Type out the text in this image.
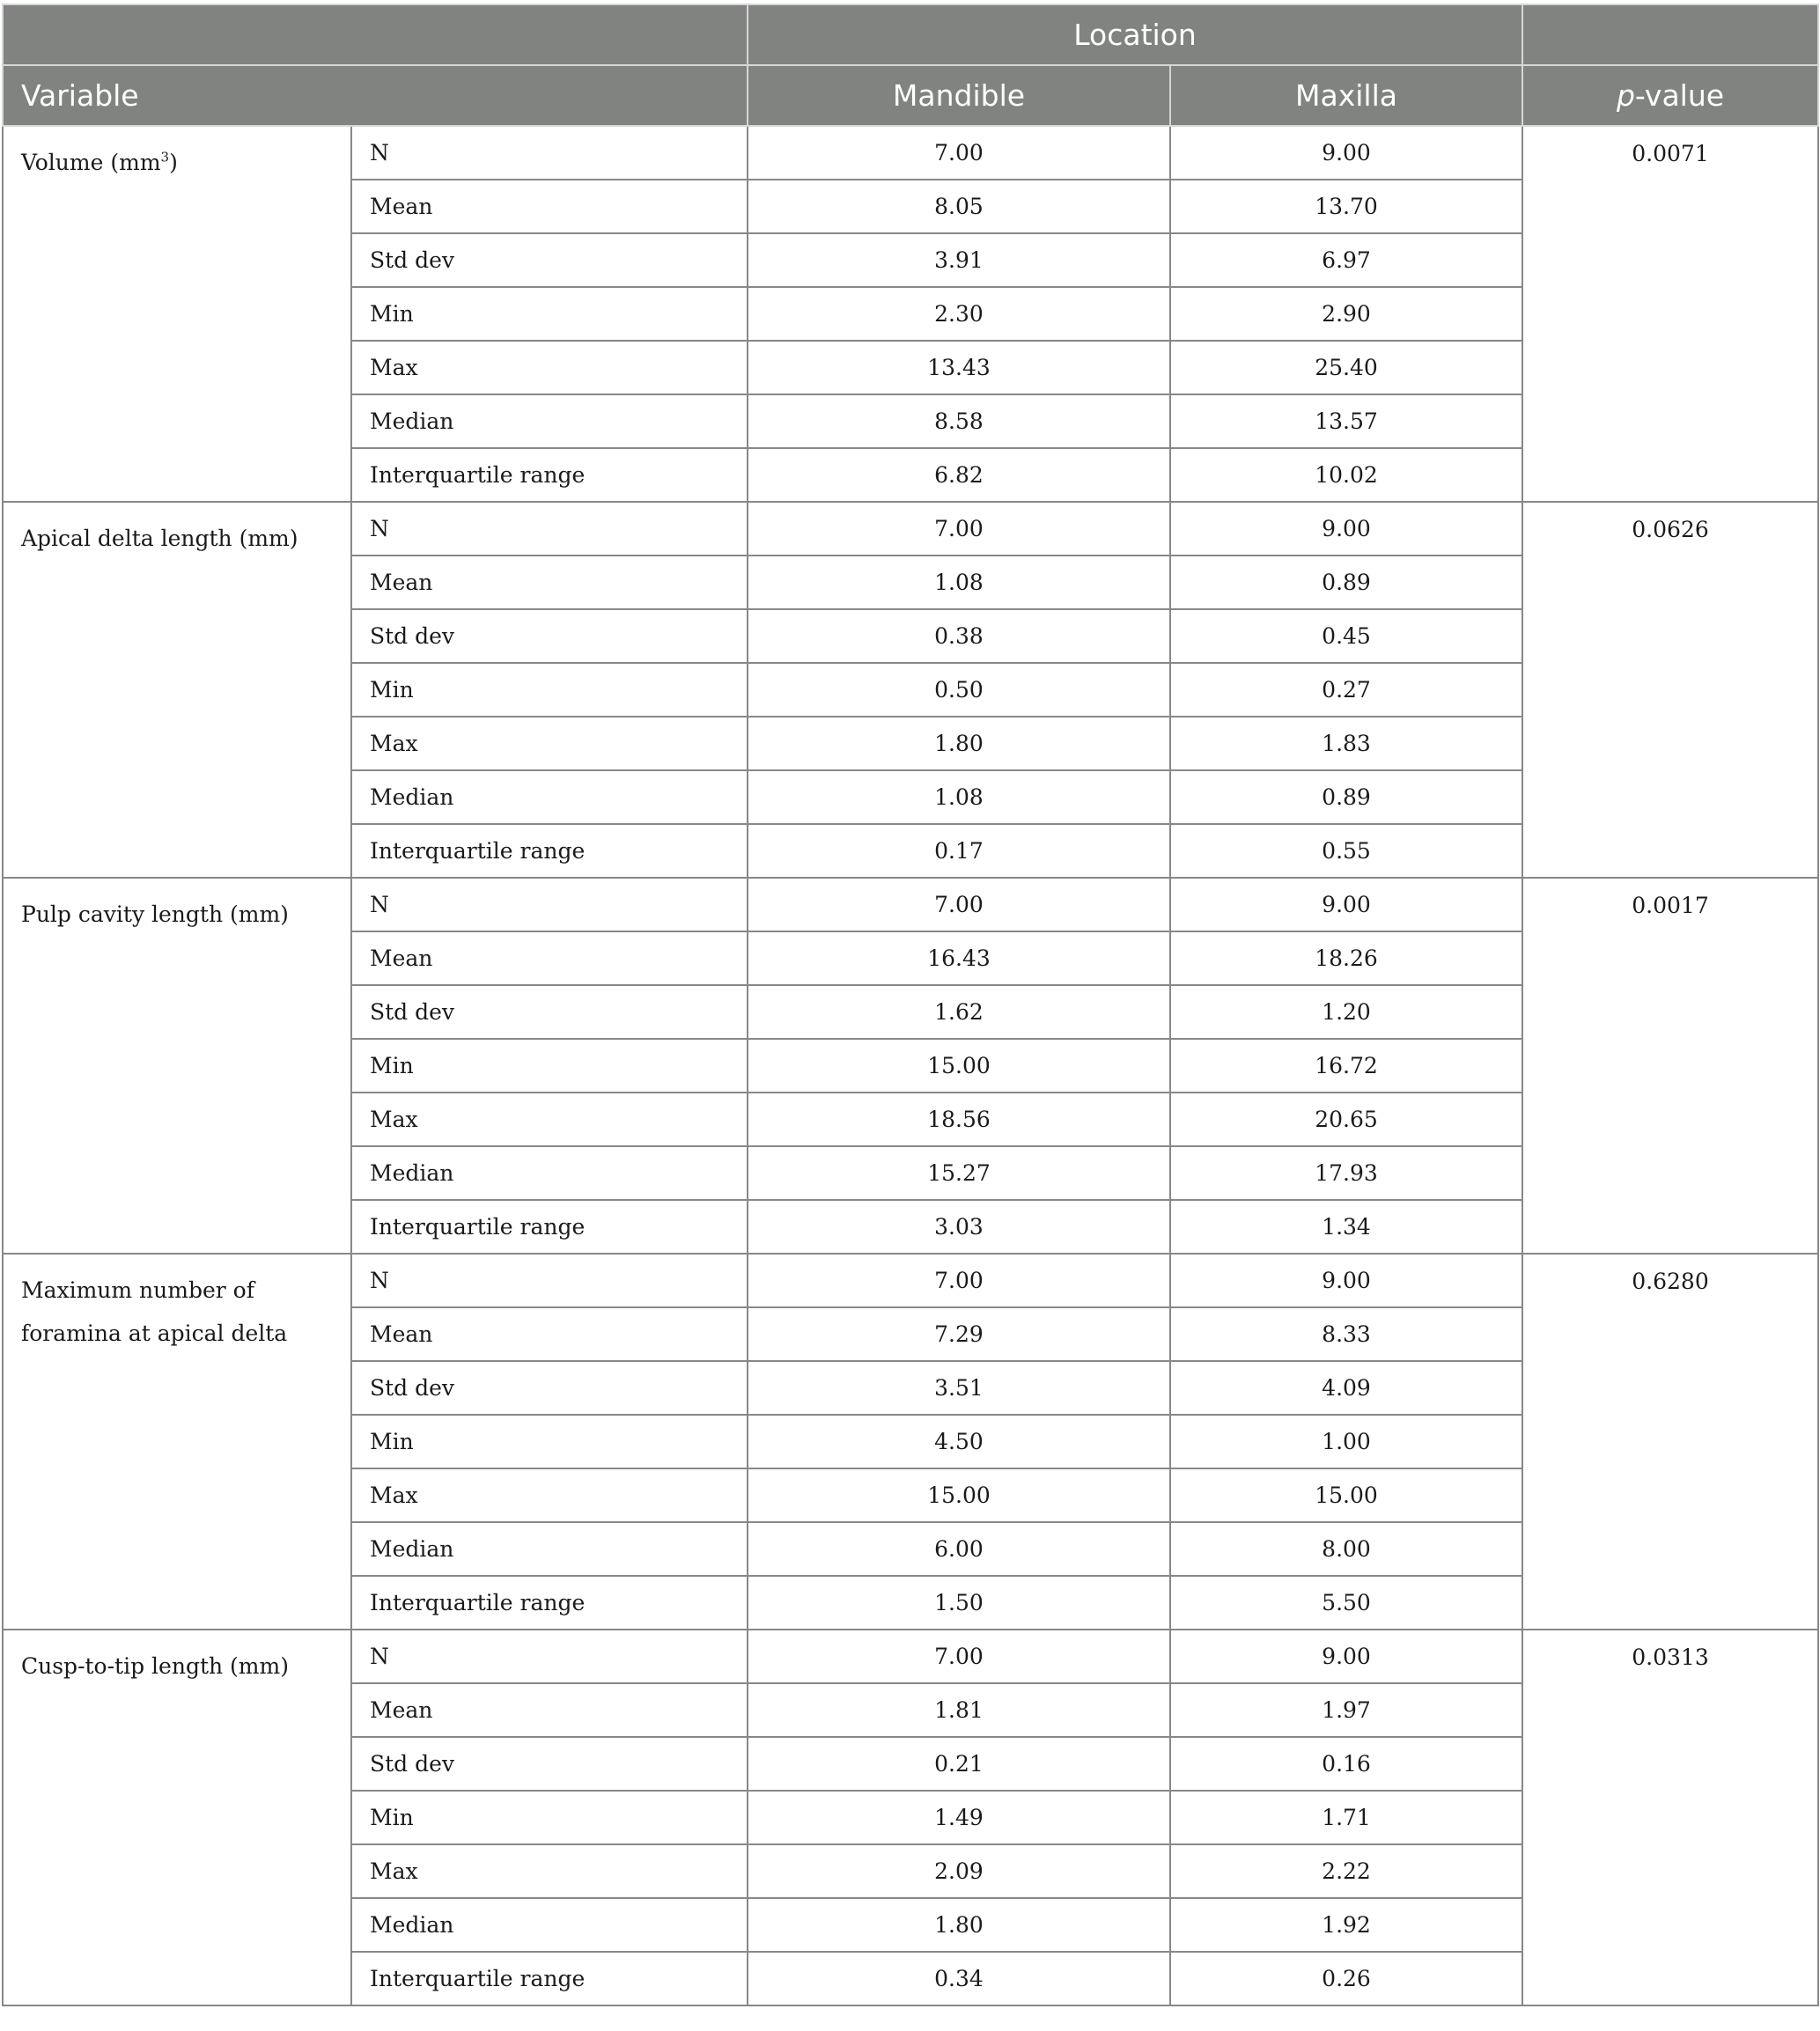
		Location		
Variable		Mandible	Maxilla	p-value
Volume $(mm^3)$	N	7.00	9.00	0.0071
	Mean	8.05	13.70	
	Std dev	3.91	6.97	
	Min	2.30	2.90	
	Max	13.43	25.40	
	Median	8.58	13.57	
	Interquartile range	6.82	10.02	
Apical delta length (mm)	N	7.00	9.00	0.0626
	Mean	1.08	0.89	
	Std dev	0.38	0.45	
	Min	0.50	0.27	
	Max	1.80	1.83	
	Median	1.08	0.89	
	Interquartile range	0.17	0.55	
Pulp cavity length (mm)	N	7.00	9.00	0.0017
	Mean	16.43	18.26	
	Std dev	1.62	1.20	
	Min	15.00	16.72	
	Max	18.56	20.65	
	Median	15.27	17.93	
	Interquartile range	3.03	1.34	
Maximum number of foramina at apical delta	N	7.00	9.00	0.6280
	Mean	7.29	8.33	
	Std dev	3.51	4.09	
	Min	4.50	1.00	
	Max	15.00	15.00	
	Median	6.00	8.00	
	Interquartile range	1.50	5.50	
Cusp-to-tip length (mm)	N	7.00	9.00	0.0313
	Mean	1.81	1.97	
	Std dev	0.21	0.16	
	Min	1.49	1.71	
	Max	2.09	2.22	
	Median	1.80	1.92	
	Interquartile range	0.34	0.26	
